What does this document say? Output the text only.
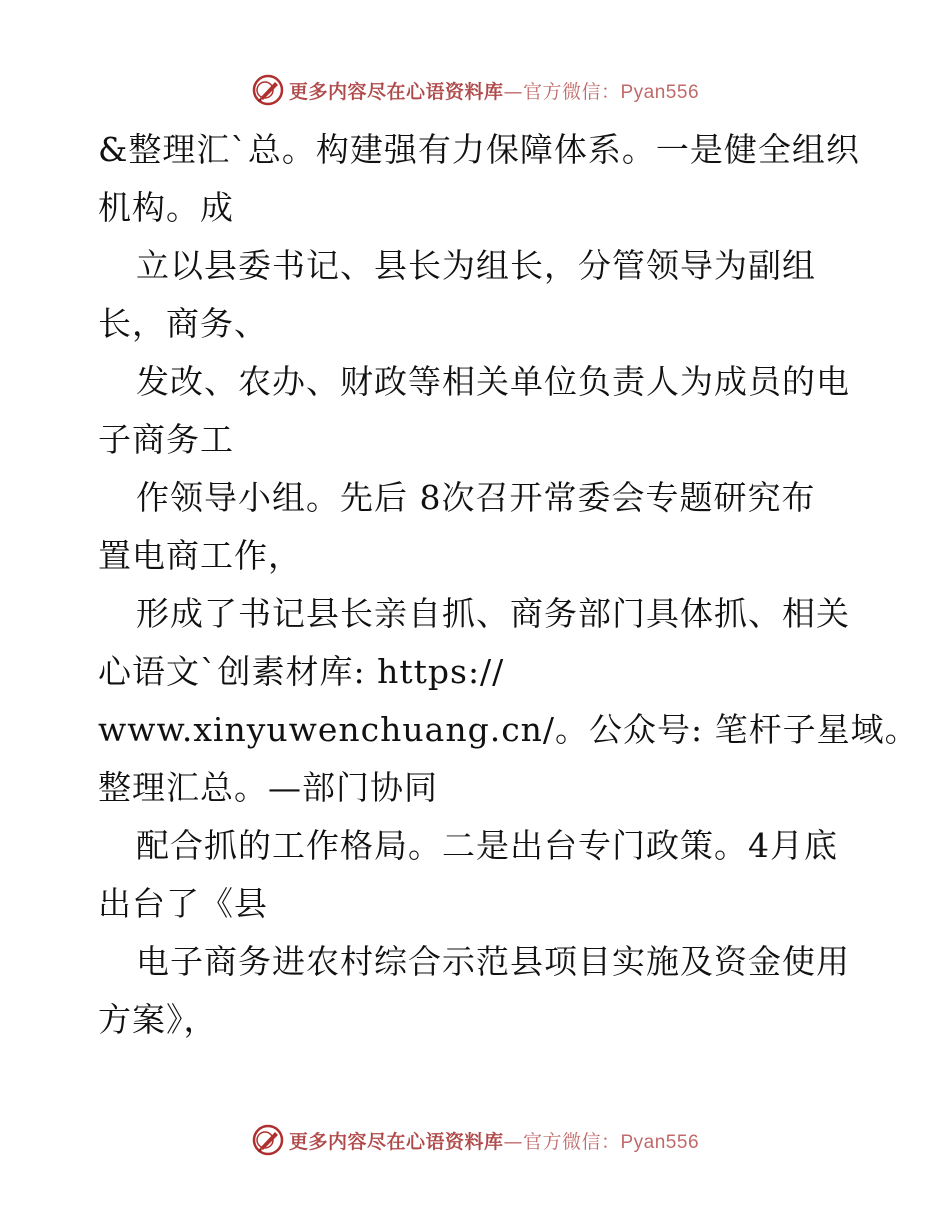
更多内容尽在心语资料库—官方微信：Pyan556
&整理汇`总。构建强有力保障体系。一是健全组织
机构。成
立以县委书记、县长为组长，分管领导为副组
长，商务、
发改、农办、财政等相关单位负责人为成员的电
子商务工
作领导小组。先后 8次召开常委会专题研究布
置电商工作，
形成了书记县长亲自抓、商务部门具体抓、相关
心语文`创素材库: https://
www.xinyuwenchuang.cn/。公众号: 笔杆子星域。
整理汇总。—部门协同
配合抓的工作格局。二是出台专门政策。4月底
出台了《县
电子商务进农村综合示范县项目实施及资金使用
方案》，
更多内容尽在心语资料库—官方微信：Pyan556
